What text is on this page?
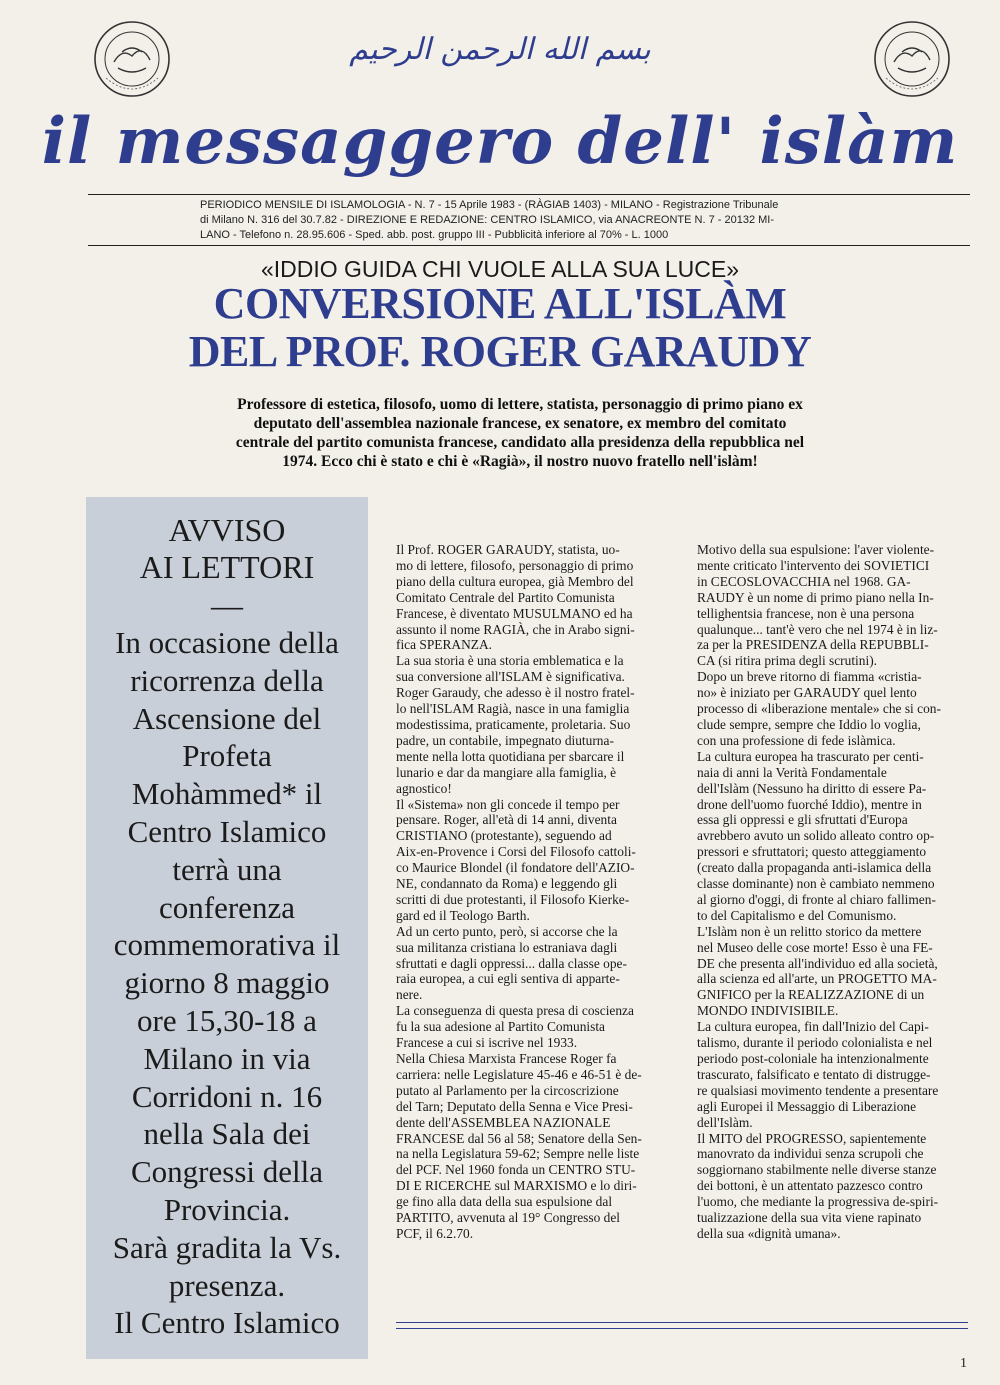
بسم الله الرحمن الرحيم
il messaggero dell' islàm
PERIODICO MENSILE DI ISLAMOLOGIA - N. 7 - 15 Aprile 1983 - (RÀGIAB 1403) - MILANO - Registrazione Tribunale
di Milano N. 316 del 30.7.82 - DIREZIONE E REDAZIONE: CENTRO ISLAMICO, via ANACREONTE N. 7 - 20132 MI-
LANO - Telefono n. 28.95.606 - Sped. abb. post. gruppo III - Pubblicità inferiore al 70% - L. 1000
«IDDIO GUIDA CHI VUOLE ALLA SUA LUCE»
CONVERSIONE ALL'ISLÀM
DEL PROF. ROGER GARAUDY
Professore di estetica, filosofo, uomo di lettere, statista, personaggio di primo piano ex
deputato dell'assemblea nazionale francese, ex senatore, ex membro del comitato
centrale del partito comunista francese, candidato alla presidenza della repubblica nel
1974. Ecco chi è stato e chi è «Ragià», il nostro nuovo fratello nell'islàm!
AVVISO
AI LETTORI
—
In occasione della
ricorrenza della
Ascensione del
Profeta
Mohàmmed* il
Centro Islamico
terrà una
conferenza
commemorativa il
giorno 8 maggio
ore 15,30-18 a
Milano in via
Corridoni n. 16
nella Sala dei
Congressi della
Provincia.
Sarà gradita la Vs.
presenza.
Il Centro Islamico
Il Prof. ROGER GARAUDY, statista, uo-
mo di lettere, filosofo, personaggio di primo
piano della cultura europea, già Membro del
Comitato Centrale del Partito Comunista
Francese, è diventato MUSULMANO ed ha
assunto il nome RAGIÀ, che in Arabo signi-
fica SPERANZA.
La sua storia è una storia emblematica e la
sua conversione all'ISLAM è significativa.
Roger Garaudy, che adesso è il nostro fratel-
lo nell'ISLAM Ragià, nasce in una famiglia
modestissima, praticamente, proletaria. Suo
padre, un contabile, impegnato diuturna-
mente nella lotta quotidiana per sbarcare il
lunario e dar da mangiare alla famiglia, è
agnostico!
Il «Sistema» non gli concede il tempo per
pensare. Roger, all'età di 14 anni, diventa
CRISTIANO (protestante), seguendo ad
Aix-en-Provence i Corsi del Filosofo cattoli-
co Maurice Blondel (il fondatore dell'AZIO-
NE, condannato da Roma) e leggendo gli
scritti di due protestanti, il Filosofo Kierke-
gard ed il Teologo Barth.
Ad un certo punto, però, si accorse che la
sua militanza cristiana lo estraniava dagli
sfruttati e dagli oppressi... dalla classe ope-
raia europea, a cui egli sentiva di apparte-
nere.
La conseguenza di questa presa di coscienza
fu la sua adesione al Partito Comunista
Francese a cui si iscrive nel 1933.
Nella Chiesa Marxista Francese Roger fa
carriera: nelle Legislature 45-46 e 46-51 è de-
putato al Parlamento per la circoscrizione
del Tarn; Deputato della Senna e Vice Presi-
dente dell'ASSEMBLEA NAZIONALE
FRANCESE dal 56 al 58; Senatore della Sen-
na nella Legislatura 59-62; Sempre nelle liste
del PCF. Nel 1960 fonda un CENTRO STU-
DI E RICERCHE sul MARXISMO e lo diri-
ge fino alla data della sua espulsione dal
PARTITO, avvenuta al 19° Congresso del
PCF, il 6.2.70.
Motivo della sua espulsione: l'aver violente-
mente criticato l'intervento dei SOVIETICI
in CECOSLOVACCHIA nel 1968. GA-
RAUDY è un nome di primo piano nella In-
tellighentsia francese, non è una persona
qualunque... tant'è vero che nel 1974 è in liz-
za per la PRESIDENZA della REPUBBLI-
CA (si ritira prima degli scrutini).
Dopo un breve ritorno di fiamma «cristia-
no» è iniziato per GARAUDY quel lento
processo di «liberazione mentale» che si con-
clude sempre, sempre che Iddio lo voglia,
con una professione di fede islàmica.
La cultura europea ha trascurato per centi-
naia di anni la Verità Fondamentale
dell'Islàm (Nessuno ha diritto di essere Pa-
drone dell'uomo fuorché Iddio), mentre in
essa gli oppressi e gli sfruttati d'Europa
avrebbero avuto un solido alleato contro op-
pressori e sfruttatori; questo atteggiamento
(creato dalla propaganda anti-islamica della
classe dominante) non è cambiato nemmeno
al giorno d'oggi, di fronte al chiaro fallimen-
to del Capitalismo e del Comunismo.
L'Islàm non è un relitto storico da mettere
nel Museo delle cose morte! Esso è una FE-
DE che presenta all'individuo ed alla società,
alla scienza ed all'arte, un PROGETTO MA-
GNIFICO per la REALIZZAZIONE di un
MONDO INDIVISIBILE.
La cultura europea, fin dall'Inizio del Capi-
talismo, durante il periodo colonialista e nel
periodo post-coloniale ha intenzionalmente
trascurato, falsificato e tentato di distrugge-
re qualsiasi movimento tendente a presentare
agli Europei il Messaggio di Liberazione
dell'Islàm.
Il MITO del PROGRESSO, sapientemente
manovrato da individui senza scrupoli che
soggiornano stabilmente nelle diverse stanze
dei bottoni, è un attentato pazzesco contro
l'uomo, che mediante la progressiva de-spiri-
tualizzazione della sua vita viene rapinato
della sua «dignità umana».
1
